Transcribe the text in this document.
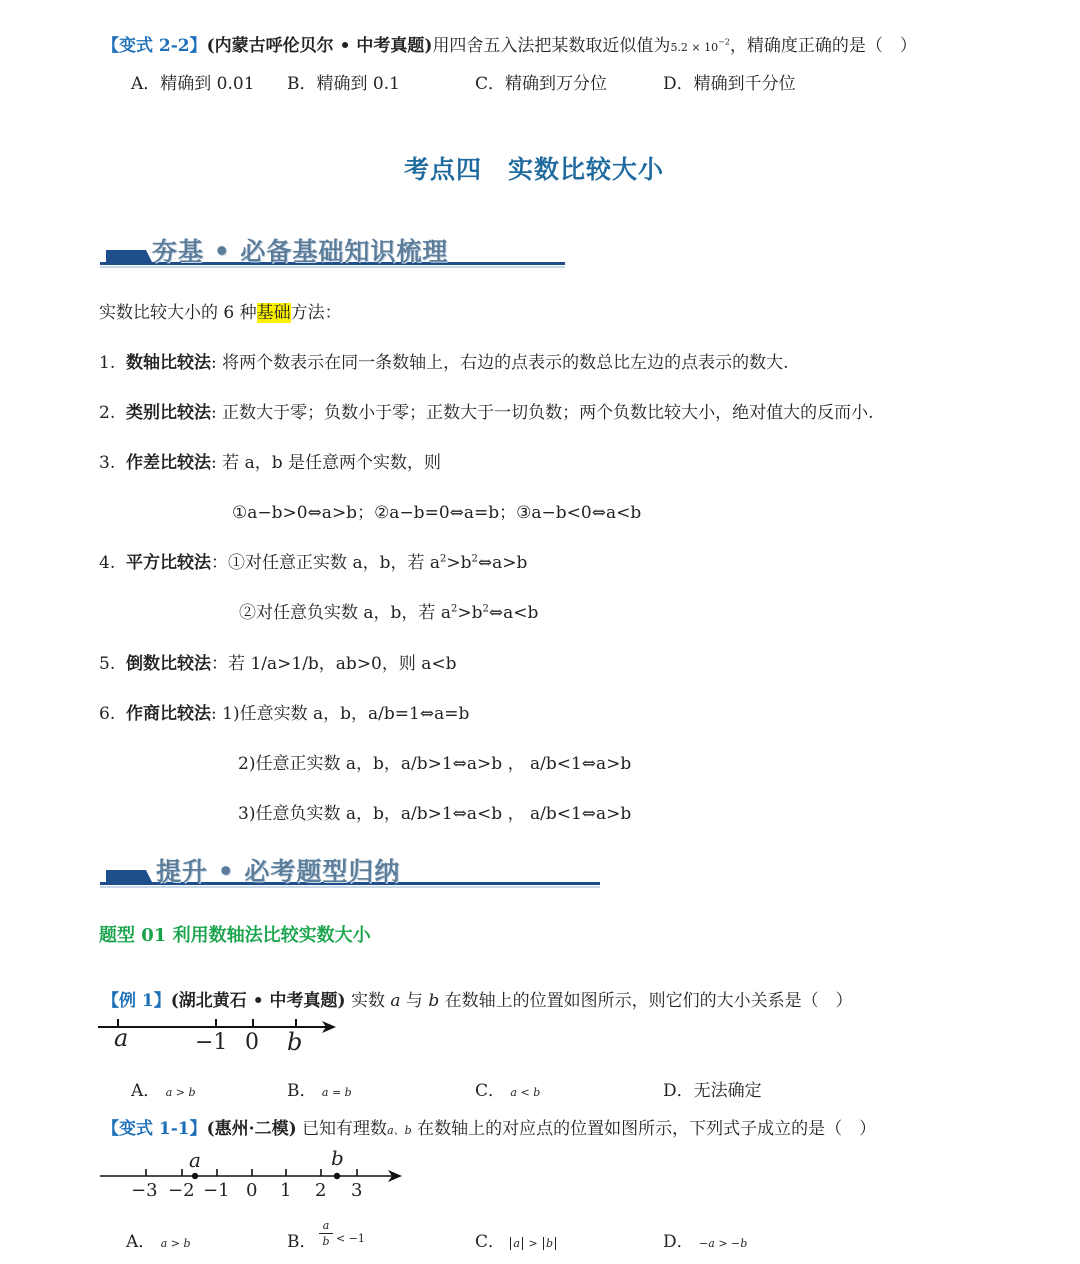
【变式 2-2】(内蒙古呼伦贝尔 • 中考真题)用四舍五入法把某数取近似值为$5.2 \times 10^{-2}$，精确度正确的是（　）
A．精确到 0.01 B．精确到 0.1	C．精确到万分位	D．精确到千分位
考点四　实数比较大小
夯基 • 必备基础知识梳理
实数比较大小的 6 种基础方法：
1. 数轴比较法: 将两个数表示在同一条数轴上，右边的点表示的数总比左边的点表示的数大.
2. 类别比较法: 正数大于零；负数小于零；正数大于一切负数；两个负数比较大小，绝对值大的反而小.
3. 作差比较法: 若 a，b 是任意两个实数，则
①a−b>0⇔a>b；②a−b=0⇔a=b；③a−b<0⇔a<b
4. 平方比较法：①对任意正实数 a，b，若 $a^2>b^2\Leftrightarrow a>b$
②对任意负实数 a，b，若 $a^2>b^2\Leftrightarrow a<b$
5. 倒数比较法：若 1/a>1/b，ab>0，则 a<b
6. 作商比较法: 1)任意实数 a，b，a/b=1⇔a=b
2)任意正实数 a，b，a/b>1⇔a>b ， a/b<1⇔a>b
3)任意负实数 a，b，a/b>1⇔a<b ， a/b<1⇔a>b
提升 • 必考题型归纳
题型 01 利用数轴法比较实数大小
【例 1】(湖北黄石 • 中考真题) 实数 a 与 b 在数轴上的位置如图所示，则它们的大小关系是（　）
a	−1 0 b
A． a > b	B． a = b	C． a < b	D．无法确定
【变式 1-1】(惠州·二模) 已知有理数a、b 在数轴上的对应点的位置如图所示，下列式子成立的是（　）
a	b
−3 −2 −1 0 1 2 3
A． a > b	B．
a
b < −1	C． a > b	D． −a > −b
